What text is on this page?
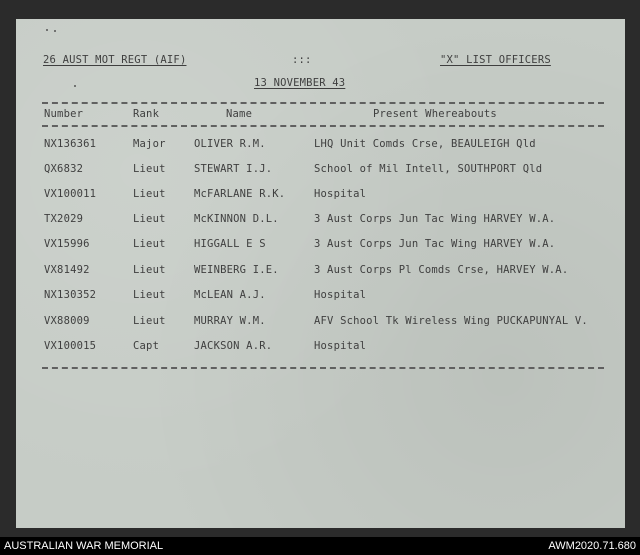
26 AUST MOT REGT (AIF)	:::	"X" LIST OFFICERS
13 NOVEMBER 43
Number	Rank	Name	Present Whereabouts
NX136361	Major	OLIVER R.M.	LHQ Unit Comds Crse, BEAULEIGH Qld
QX6832	Lieut	STEWART I.J.	School of Mil Intell, SOUTHPORT Qld
VX100011	Lieut	McFARLANE R.K.	Hospital
TX2029	Lieut	McKINNON D.L.	3 Aust Corps Jun Tac Wing HARVEY W.A.
VX15996	Lieut	HIGGALL E S	3 Aust Corps Jun Tac Wing HARVEY W.A.
VX81492	Lieut	WEINBERG I.E.	3 Aust Corps Pl Comds Crse, HARVEY W.A.
NX130352	Lieut	McLEAN A.J.	Hospital
VX88009	Lieut	MURRAY W.M.	AFV School Tk Wireless Wing PUCKAPUNYAL V.
VX100015	Capt	JACKSON A.R.	Hospital
AUSTRALIAN WAR MEMORIAL	AWM2020.71.680
